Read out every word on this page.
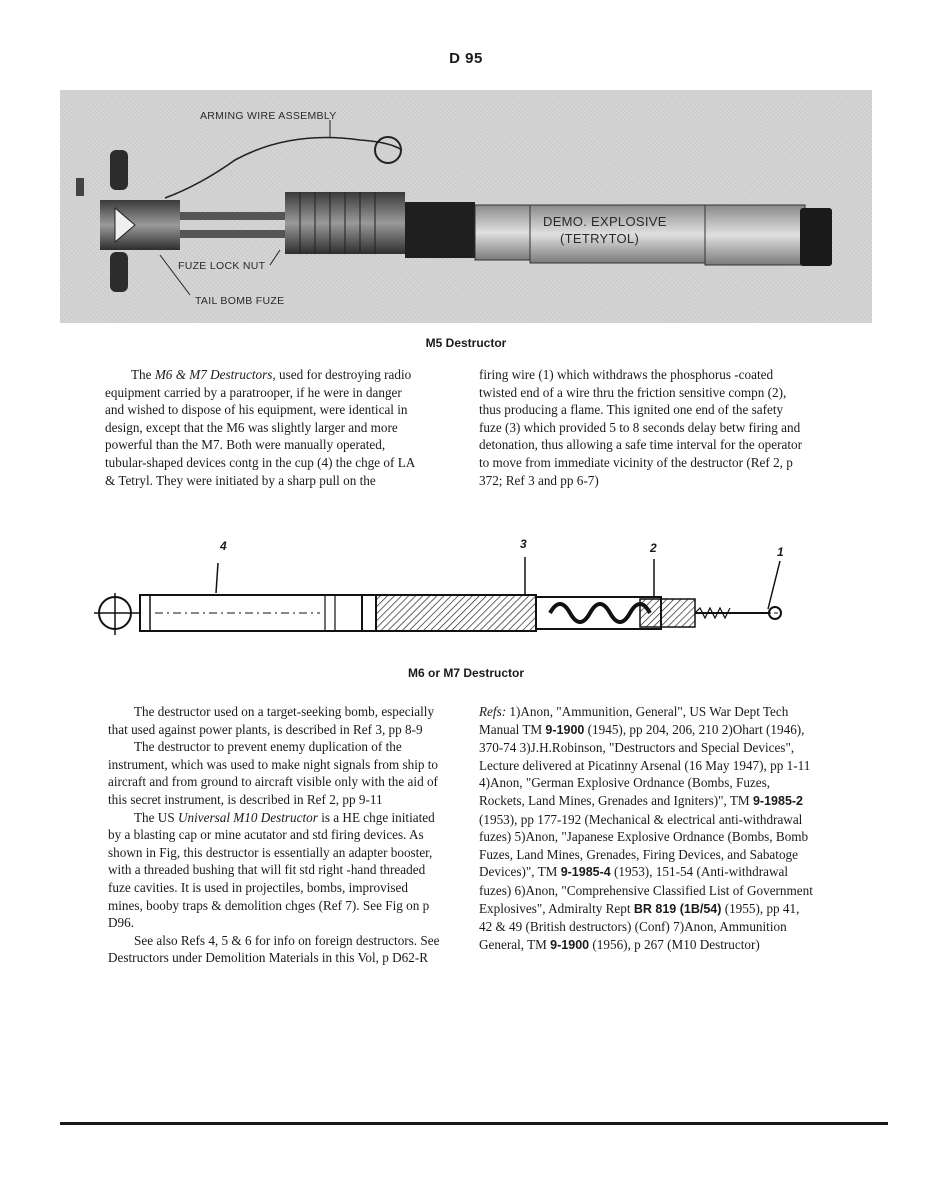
D 95
ARMING WIRE ASSEMBLY
FUZE LOCK NUT
TAIL BOMB FUZE
DEMO. EXPLOSIVE
(TETRYTOL)
M5 Destructor

The M6 & M7 Destructors, used for destroying radio equipment carried by a paratrooper, if he were in danger and wished to dispose of his equipment, were identical in design, except that the M6 was slightly larger and more powerful than the M7. Both were manually operated, tubular-shaped devices contg in the cup (4) the chge of LA & Tetryl. They were initiated by a sharp pull on the

firing wire (1) which withdraws the phosphorus -coated twisted end of a wire thru the friction sensitive compn (2), thus producing a flame. This ignited one end of the safety fuze (3) which provided 5 to 8 seconds delay betw firing and detonation, thus allowing a safe time interval for the operator to move from immediate vicinity of the destructor (Ref 2, p 372; Ref 3 and pp 6-7)

4	3	2	1
M6 or M7 Destructor

The destructor used on a target-seeking bomb, especially that used against power plants, is described in Ref 3, pp 8-9

The destructor to prevent enemy duplication of the instrument, which was used to make night signals from ship to aircraft and from ground to aircraft visible only with the aid of this secret instrument, is described in Ref 2, pp 9-11

The US Universal M10 Destructor is a HE chge initiated by a blasting cap or mine acutator and std firing devices. As shown in Fig, this destructor is essentially an adapter booster, with a threaded bushing that will fit std right -hand threaded fuze cavities. It is used in projectiles, bombs, improvised mines, booby traps & demolition chges (Ref 7). See Fig on p D96.

See also Refs 4, 5 & 6 for info on foreign destructors. See Destructors under Demolition Materials in this Vol, p D62-R

Refs: 1)Anon, "Ammunition, General", US War Dept Tech Manual TM 9-1900 (1945), pp 204, 206, 210 2)Ohart (1946), 370-74 3)J.H.Robinson, "Destructors and Special Devices", Lecture delivered at Picatinny Arsenal (16 May 1947), pp 1-11 4)Anon, "German Explosive Ordnance (Bombs, Fuzes, Rockets, Land Mines, Grenades and Igniters)", TM 9-1985-2 (1953), pp 177-192 (Mechanical & electrical anti-withdrawal fuzes) 5)Anon, "Japanese Explosive Ordnance (Bombs, Bomb Fuzes, Land Mines, Grenades, Firing Devices, and Sabatoge Devices)", TM 9-1985-4 (1953), 151-54 (Anti-withdrawal fuzes) 6)Anon, "Comprehensive Classified List of Government Explosives", Admiralty Rept BR 819 (1B/54) (1955), pp 41, 42 & 49 (British destructors) (Conf) 7)Anon, Ammunition General, TM 9-1900 (1956), p 267 (M10 Destructor)
